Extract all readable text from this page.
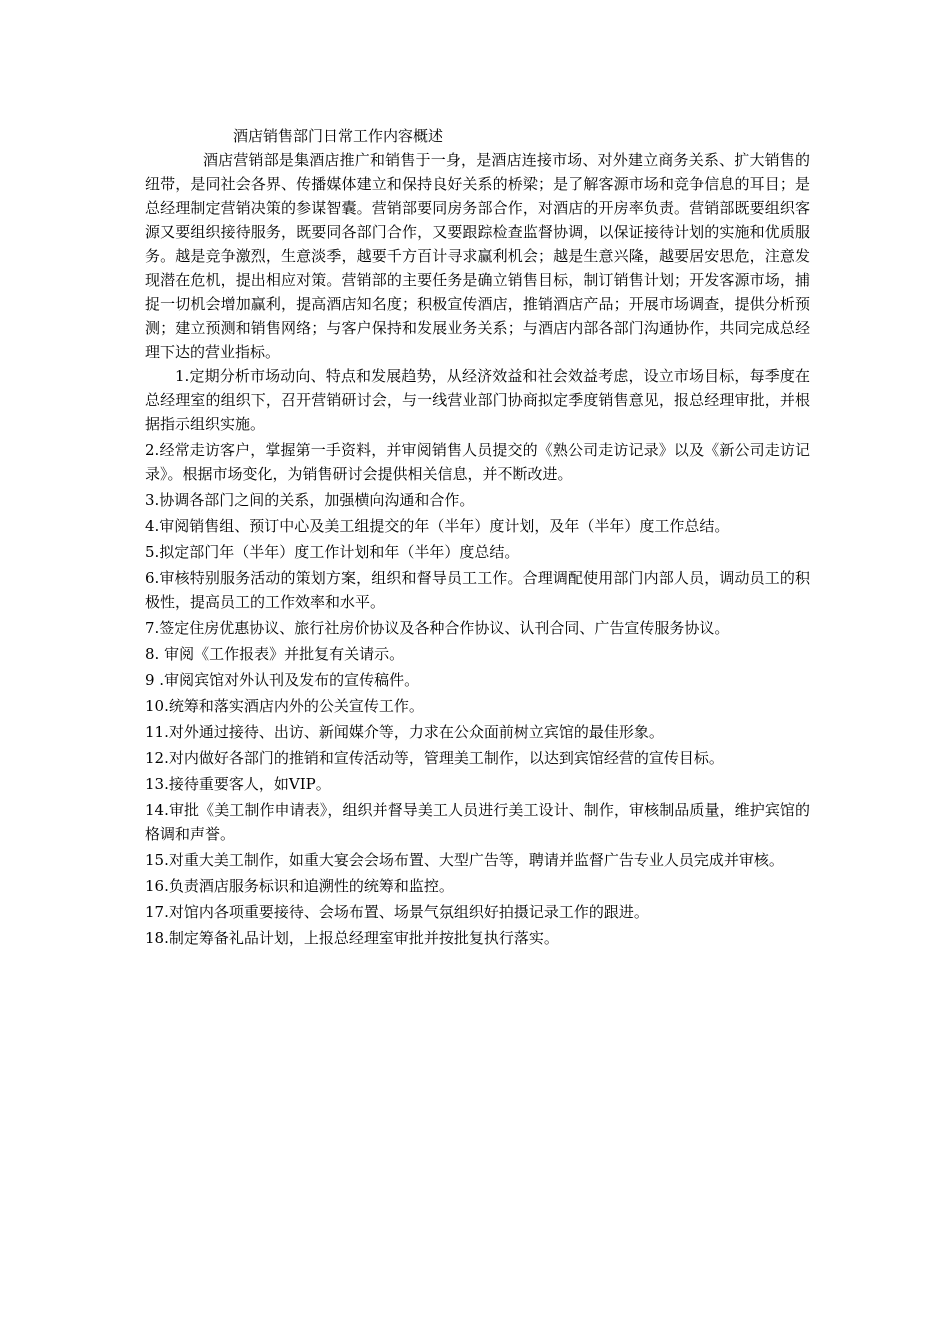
酒店销售部门日常工作内容概述

酒店营销部是集酒店推广和销售于一身，是酒店连接市场、对外建立商务关系、扩大销售的纽带，是同社会各界、传播媒体建立和保持良好关系的桥梁；是了解客源市场和竞争信息的耳目；是总经理制定营销决策的参谋智囊。营销部要同房务部合作，对酒店的开房率负责。营销部既要组织客源又要组织接待服务，既要同各部门合作，又要跟踪检查监督协调，以保证接待计划的实施和优质服务。越是竞争激烈，生意淡季，越要千方百计寻求赢利机会；越是生意兴隆，越要居安思危，注意发现潜在危机，提出相应对策。营销部的主要任务是确立销售目标，制订销售计划；开发客源市场，捕捉一切机会增加赢利，提高酒店知名度；积极宣传酒店，推销酒店产品；开展市场调查，提供分析预测；建立预测和销售网络；与客户保持和发展业务关系；与酒店内部各部门沟通协作，共同完成总经理下达的营业指标。

1.定期分析市场动向、特点和发展趋势，从经济效益和社会效益考虑，设立市场目标，每季度在总经理室的组织下，召开营销研讨会，与一线营业部门协商拟定季度销售意见，报总经理审批，并根据指示组织实施。
2.经常走访客户，掌握第一手资料，并审阅销售人员提交的《熟公司走访记录》以及《新公司走访记录》。根据市场变化，为销售研讨会提供相关信息，并不断改进。
3.协调各部门之间的关系，加强横向沟通和合作。
4.审阅销售组、预订中心及美工组提交的年（半年）度计划，及年（半年）度工作总结。
5.拟定部门年（半年）度工作计划和年（半年）度总结。
6.审核特别服务活动的策划方案，组织和督导员工工作。合理调配使用部门内部人员，调动员工的积极性，提高员工的工作效率和水平。
7.签定住房优惠协议、旅行社房价协议及各种合作协议、认刊合同、广告宣传服务协议。
8. 审阅《工作报表》并批复有关请示。
9 .审阅宾馆对外认刊及发布的宣传稿件。
10.统筹和落实酒店内外的公关宣传工作。
11.对外通过接待、出访、新闻媒介等，力求在公众面前树立宾馆的最佳形象。
12.对内做好各部门的推销和宣传活动等，管理美工制作，以达到宾馆经营的宣传目标。
13.接待重要客人，如VIP。
14.审批《美工制作申请表》，组织并督导美工人员进行美工设计、制作，审核制品质量，维护宾馆的格调和声誉。
15.对重大美工制作，如重大宴会会场布置、大型广告等，聘请并监督广告专业人员完成并审核。
16.负责酒店服务标识和追溯性的统筹和监控。
17.对馆内各项重要接待、会场布置、场景气氛组织好拍摄记录工作的跟进。
18.制定筹备礼品计划，上报总经理室审批并按批复执行落实。
